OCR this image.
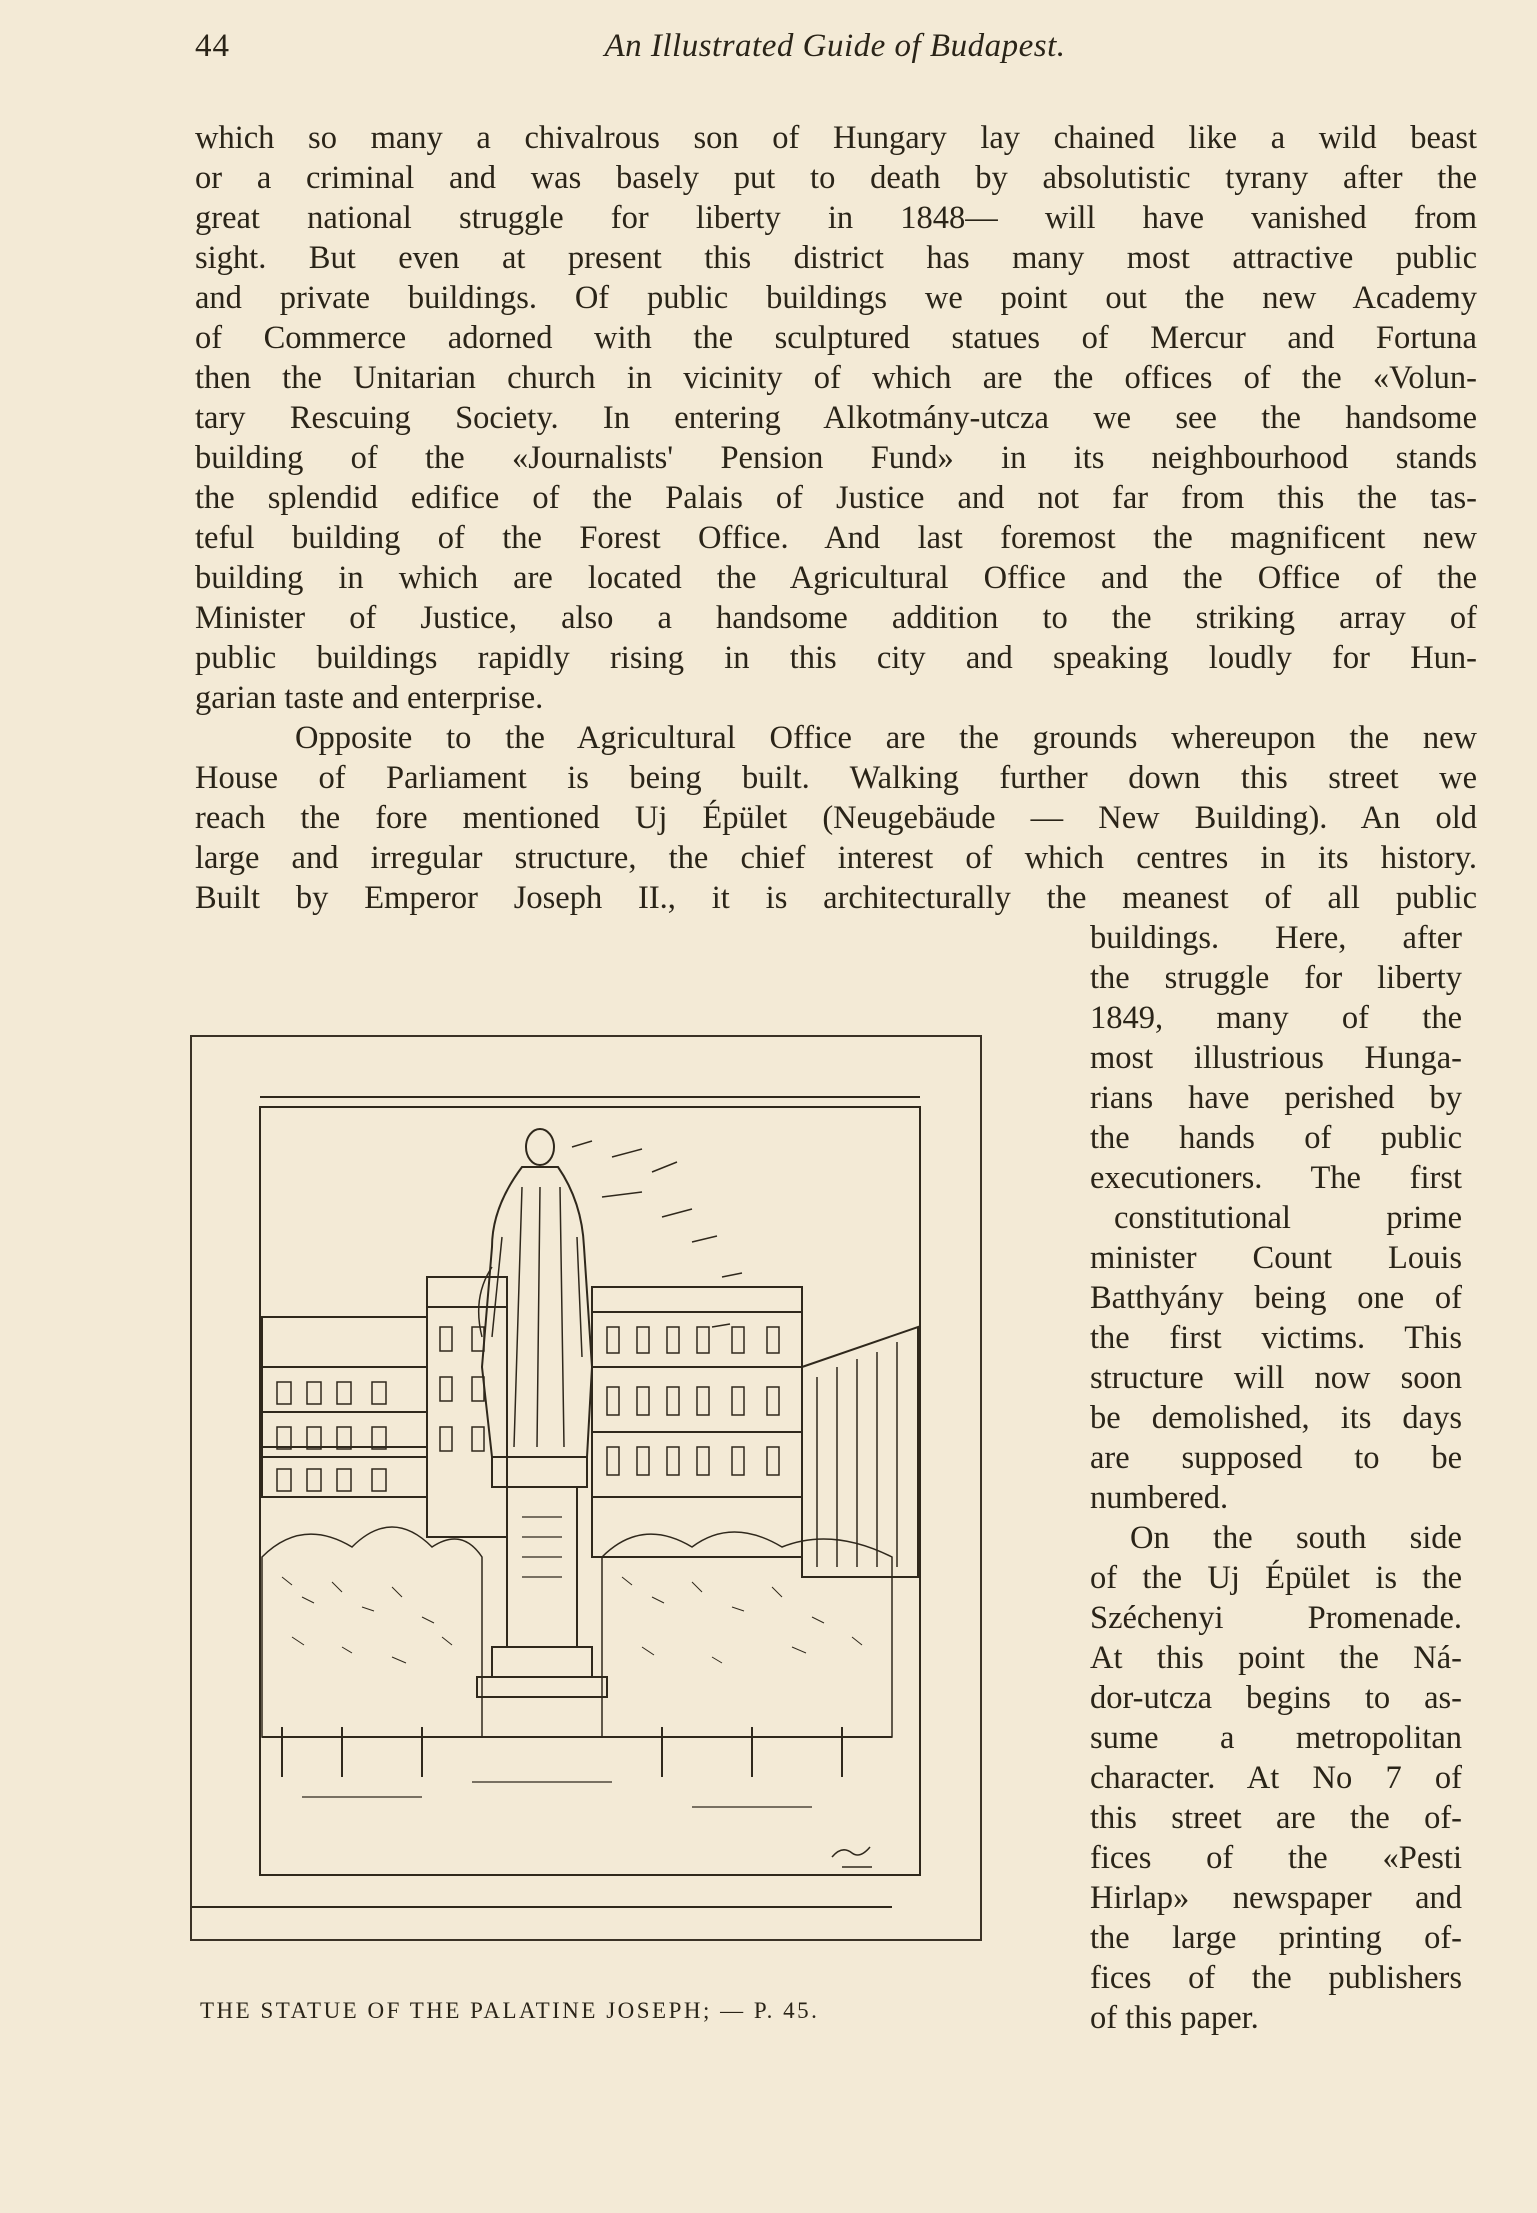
44	An Illustrated Guide of Budapest.
which so many a chivalrous son of Hungary lay chained like a wild beast
or a criminal and was basely put to death by absolutistic tyrany after the
great national struggle for liberty in 1848— will have vanished from
sight. But even at present this district has many most attractive public
and private buildings. Of public buildings we point out the new Academy
of Commerce adorned with the sculptured statues of Mercur and Fortuna
then the Unitarian church in vicinity of which are the offices of the «Volun-
tary Rescuing Society. In entering Alkotmány-utcza we see the handsome
building of the «Journalists' Pension Fund» in its neighbourhood stands
the splendid edifice of the Palais of Justice and not far from this the tas-
teful building of the Forest Office. And last foremost the magnificent new
building in which are located the Agricultural Office and the Office of the
Minister of Justice, also a handsome addition to the striking array of
public buildings rapidly rising in this city and speaking loudly for Hun-
garian taste and enterprise.
Opposite to the Agricultural Office are the grounds whereupon the new
House of Parliament is being built. Walking further down this street we
reach the fore mentioned Uj Épület (Neugebäude — New Building). An old
large and irregular structure, the chief interest of which centres in its history.
Built by Emperor Joseph II., it is architecturally the meanest of all public
buildings. Here, after
the struggle for liberty
1849, many of the
most illustrious Hunga-
rians have perished by
the hands of public
executioners. The first
constitutional prime
minister Count Louis
Batthyány being one of
the first victims. This
structure will now soon
be demolished, its days
are supposed to be
numbered.
On the south side
of the Uj Épület is the
Széchenyi Promenade.
At this point the Ná-
dor-utcza begins to as-
sume a metropolitan
character. At No 7 of
this street are the of-
fices of the «Pesti
Hirlap» newspaper and
the large printing of-
fices of the publishers
of this paper.
THE STATUE OF THE PALATINE JOSEPH; — P. 45.
